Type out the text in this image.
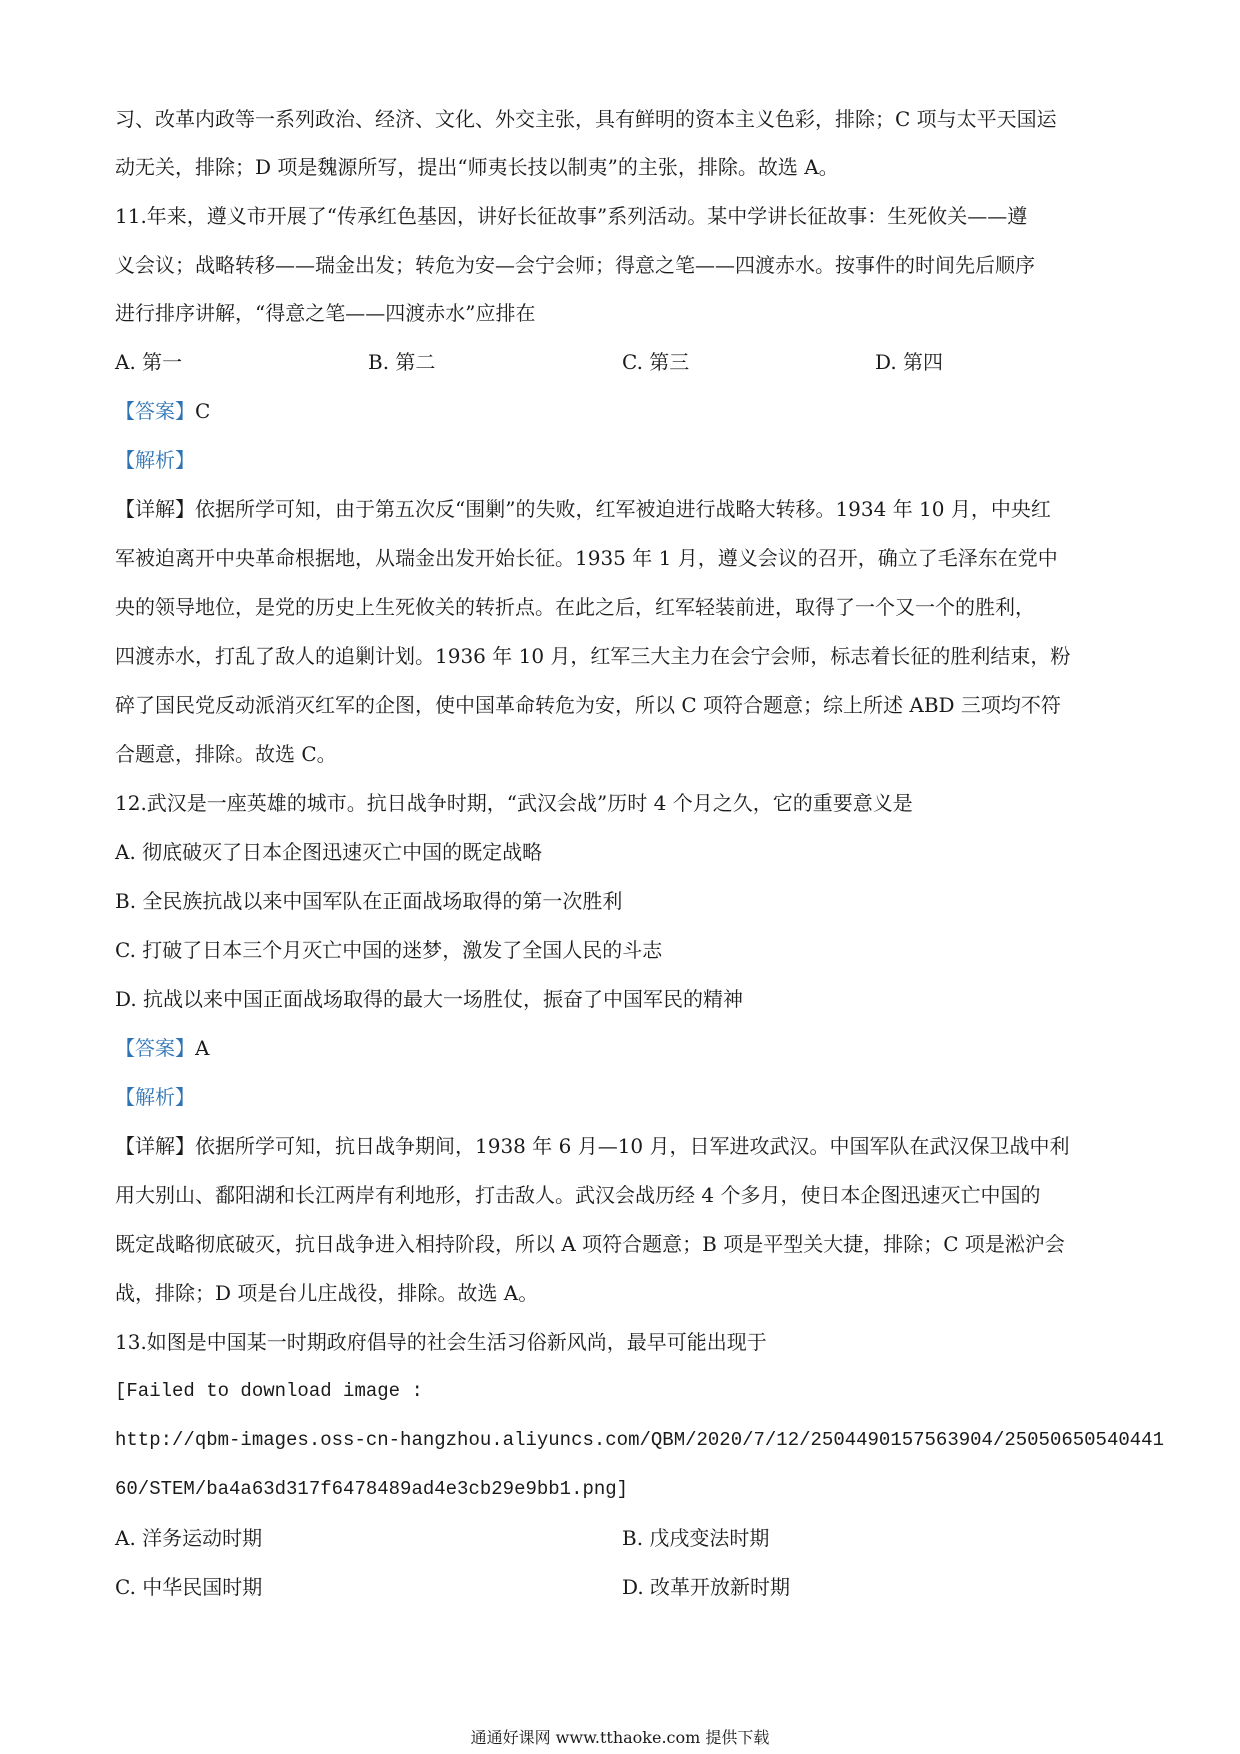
习、改革内政等一系列政治、经济、文化、外交主张，具有鲜明的资本主义色彩，排除；C 项与太平天国运
动无关，排除；D 项是魏源所写，提出“师夷长技以制夷”的主张，排除。故选 A。
11.年来，遵义市开展了“传承红色基因，讲好长征故事”系列活动。某中学讲长征故事：生死攸关——遵
义会议；战略转移——瑞金出发；转危为安—会宁会师；得意之笔——四渡赤水。按事件的时间先后顺序
进行排序讲解，“得意之笔——四渡赤水”应排在
A. 第一	B. 第二	C. 第三	D. 第四
【答案】C
【解析】
【详解】依据所学可知，由于第五次反“围剿”的失败，红军被迫进行战略大转移。1934 年 10 月，中央红
军被迫离开中央革命根据地，从瑞金出发开始长征。1935 年 1 月，遵义会议的召开，确立了毛泽东在党中
央的领导地位，是党的历史上生死攸关的转折点。在此之后，红军轻装前进，取得了一个又一个的胜利，
四渡赤水，打乱了敌人的追剿计划。1936 年 10 月，红军三大主力在会宁会师，标志着长征的胜利结束，粉
碎了国民党反动派消灭红军的企图，使中国革命转危为安，所以 C 项符合题意；综上所述 ABD 三项均不符
合题意，排除。故选 C。
12.武汉是一座英雄的城市。抗日战争时期，“武汉会战”历时 4 个月之久，它的重要意义是
A. 彻底破灭了日本企图迅速灭亡中国的既定战略
B. 全民族抗战以来中国军队在正面战场取得的第一次胜利
C. 打破了日本三个月灭亡中国的迷梦，激发了全国人民的斗志
D. 抗战以来中国正面战场取得的最大一场胜仗，振奋了中国军民的精神
【答案】A
【解析】
【详解】依据所学可知，抗日战争期间，1938 年 6 月—10 月，日军进攻武汉。中国军队在武汉保卫战中利
用大别山、鄱阳湖和长江两岸有利地形，打击敌人。武汉会战历经 4 个多月，使日本企图迅速灭亡中国的
既定战略彻底破灭，抗日战争进入相持阶段，所以 A 项符合题意；B 项是平型关大捷，排除；C 项是淞沪会
战，排除；D 项是台儿庄战役，排除。故选 A。
13.如图是中国某一时期政府倡导的社会生活习俗新风尚，最早可能出现于
[Failed to download image :
http://qbm-images.oss-cn-hangzhou.aliyuncs.com/QBM/2020/7/12/2504490157563904/25050650540441
60/STEM/ba4a63d317f6478489ad4e3cb29e9bb1.png]
A. 洋务运动时期	B. 戊戌变法时期
C. 中华民国时期	D. 改革开放新时期
通通好课网 www.tthaoke.com 提供下载
